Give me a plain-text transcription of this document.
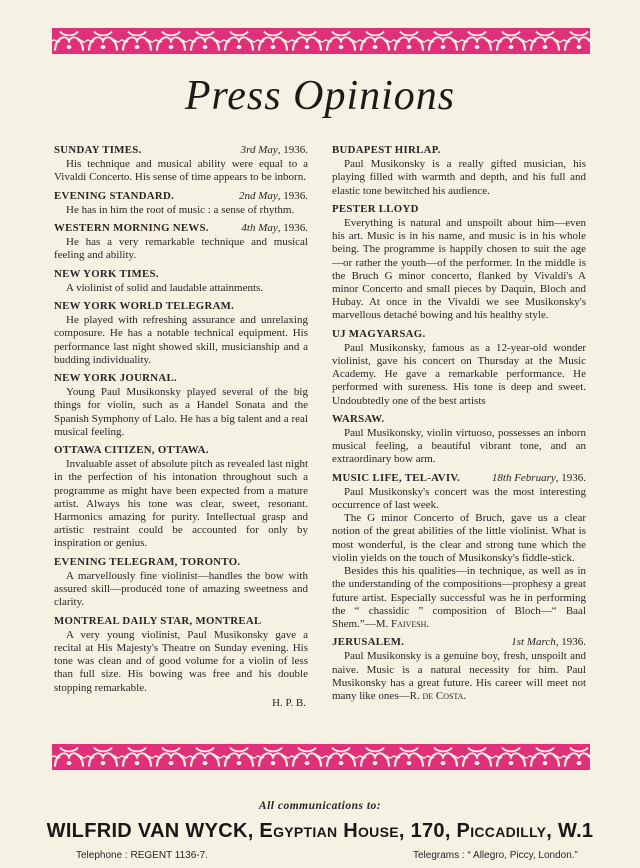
Press Opinions
SUNDAY TIMES.	3rd May, 1936.

His technique and musical ability were equal to a Vivaldi Concerto. His sense of time appears to be inborn.

EVENING STANDARD.	2nd May, 1936.

He has in him the root of music : a sense of rhythm.

WESTERN MORNING NEWS.	4th May, 1936.

He has a very remarkable technique and musical feeling and ability.

NEW YORK TIMES.

A violinist of solid and laudable attainments.

NEW YORK WORLD TELEGRAM.

He played with refreshing assurance and unrelaxing composure. He has a notable technical equipment. His performance last night showed skill, musicianship and a budding individuality.

NEW YORK JOURNAL.

Young Paul Musikonsky played several of the big things for violin, such as a Handel Sonata and the Spanish Symphony of Lalo. He has a big talent and a real musical feeling.

OTTAWA CITIZEN, OTTAWA.

Invaluable asset of absolute pitch as revealed last night in the perfection of his intonation throughout such a programme as might have been expected from a mature artist. Always his tone was clear, sweet, resonant. Harmonics amazing for purity. Intellectual grasp and artistic restraint could be accounted for only by inspiration or genius.

EVENING TELEGRAM, TORONTO.

A marvellously fine violinist—handles the bow with assured skill—producéd tone of amazing sweetness and clarity.

MONTREAL DAILY STAR, MONTREAL

A very young violinist, Paul Musikonsky gave a recital at His Majesty's Theatre on Sunday evening. His tone was clean and of good volume for a violin of less than full size. His bowing was free and his double stopping remarkable.

H. P. B.
BUDAPEST HIRLAP.

Paul Musikonsky is a really gifted musician, his playing filled with warmth and depth, and his full and elastic tone bewitched his audience.

PESTER LLOYD

Everything is natural and unspoilt about him—even his art. Music is in his name, and music is in his whole being. The programme is happily chosen to suit the age—or rather the youth—of the performer. In the middle is the Bruch G minor concerto, flanked by Vivaldi's A minor Concerto and small pieces by Daquin, Bloch and Hubay. At once in the Vivaldi we see Musikonsky's marvellous detaché bowing and his healthy style.

UJ MAGYARSAG.

Paul Musikonsky, famous as a 12-year-old wonder violinist, gave his concert on Thursday at the Music Academy. He gave a remarkable performance. He performed with sureness. His tone is deep and sweet. Undoubtedly one of the best artists

WARSAW.

Paul Musikonsky, violin virtuoso, possesses an inborn musical feeling, a beautiful vibrant tone, and an extraordinary bow arm.

MUSIC LIFE, TEL-AVIV.	18th February, 1936.

Paul Musikonsky's concert was the most interesting occurrence of last week.

The G minor Concerto of Bruch, gave us a clear notion of the great abilities of the little violinist. What is most wonderful, is the clear and strong tune which the violin yields on the touch of Musikonsky's fiddle-stick.

Besides this his qualities—in technique, as well as in the understanding of the compositions—prophesy a great future artist. Especially successful was he in performing the “ chassidic ” composition of Bloch—“ Baal Shem.”—M. Faivesh.

JERUSALEM.	1st March, 1936.

Paul Musikonsky is a genuine boy, fresh, unspoilt and naive. Music is a natural necessity for him. Paul Musikonsky has a great future. His career will meet not many like ones—R. de Costa.

All communications to:
WILFRID VAN WYCK, Egyptian House, 170, Piccadilly, W.1
Telephone : REGENT 1136-7.	Telegrams : “ Allegro, Piccy, London.”
